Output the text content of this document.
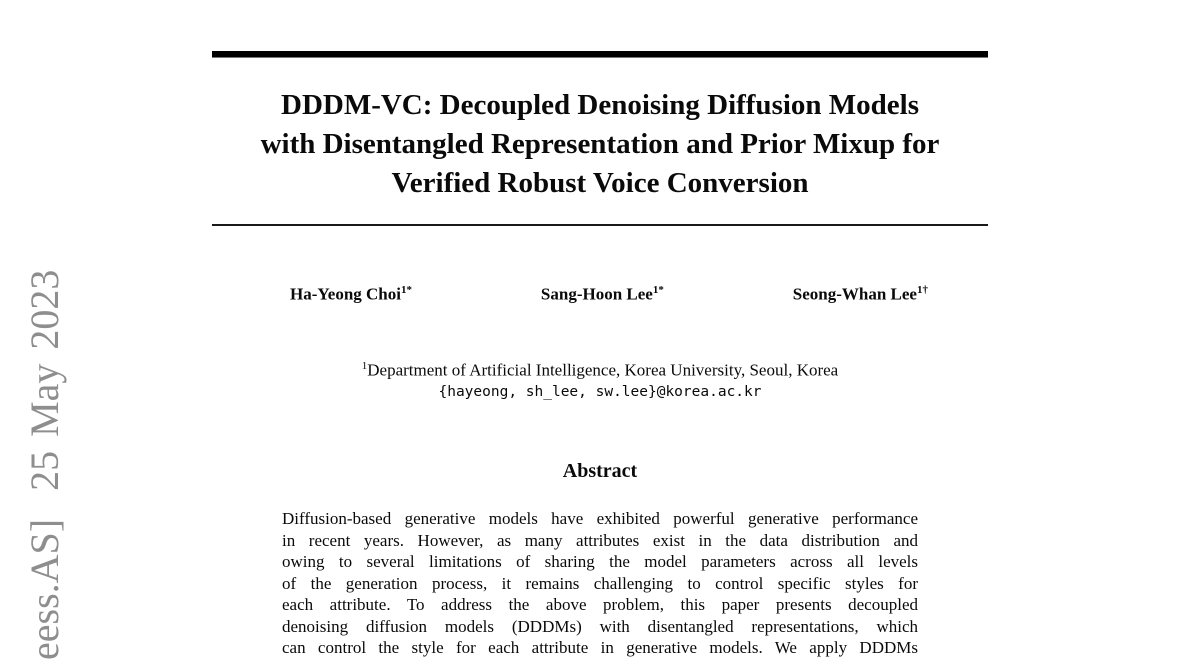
eess.AS]  25 May 2023
DDDM-VC: Decoupled Denoising Diffusion Models
with Disentangled Representation and Prior Mixup for
Verified Robust Voice Conversion
Ha-Yeong Choi$^{1*}$	Sang-Hoon Lee$^{1*}$	Seong-Whan Lee$^{1\dagger}$
$^1$Department of Artificial Intelligence, Korea University, Seoul, Korea
{hayeong, sh_lee, sw.lee}@korea.ac.kr
Abstract
Diffusion-based generative models have exhibited powerful generative performance
in recent years. However, as many attributes exist in the data distribution and
owing to several limitations of sharing the model parameters across all levels
of the generation process, it remains challenging to control specific styles for
each attribute. To address the above problem, this paper presents decoupled
denoising diffusion models (DDDMs) with disentangled representations, which
can control the style for each attribute in generative models. We apply DDDMs
